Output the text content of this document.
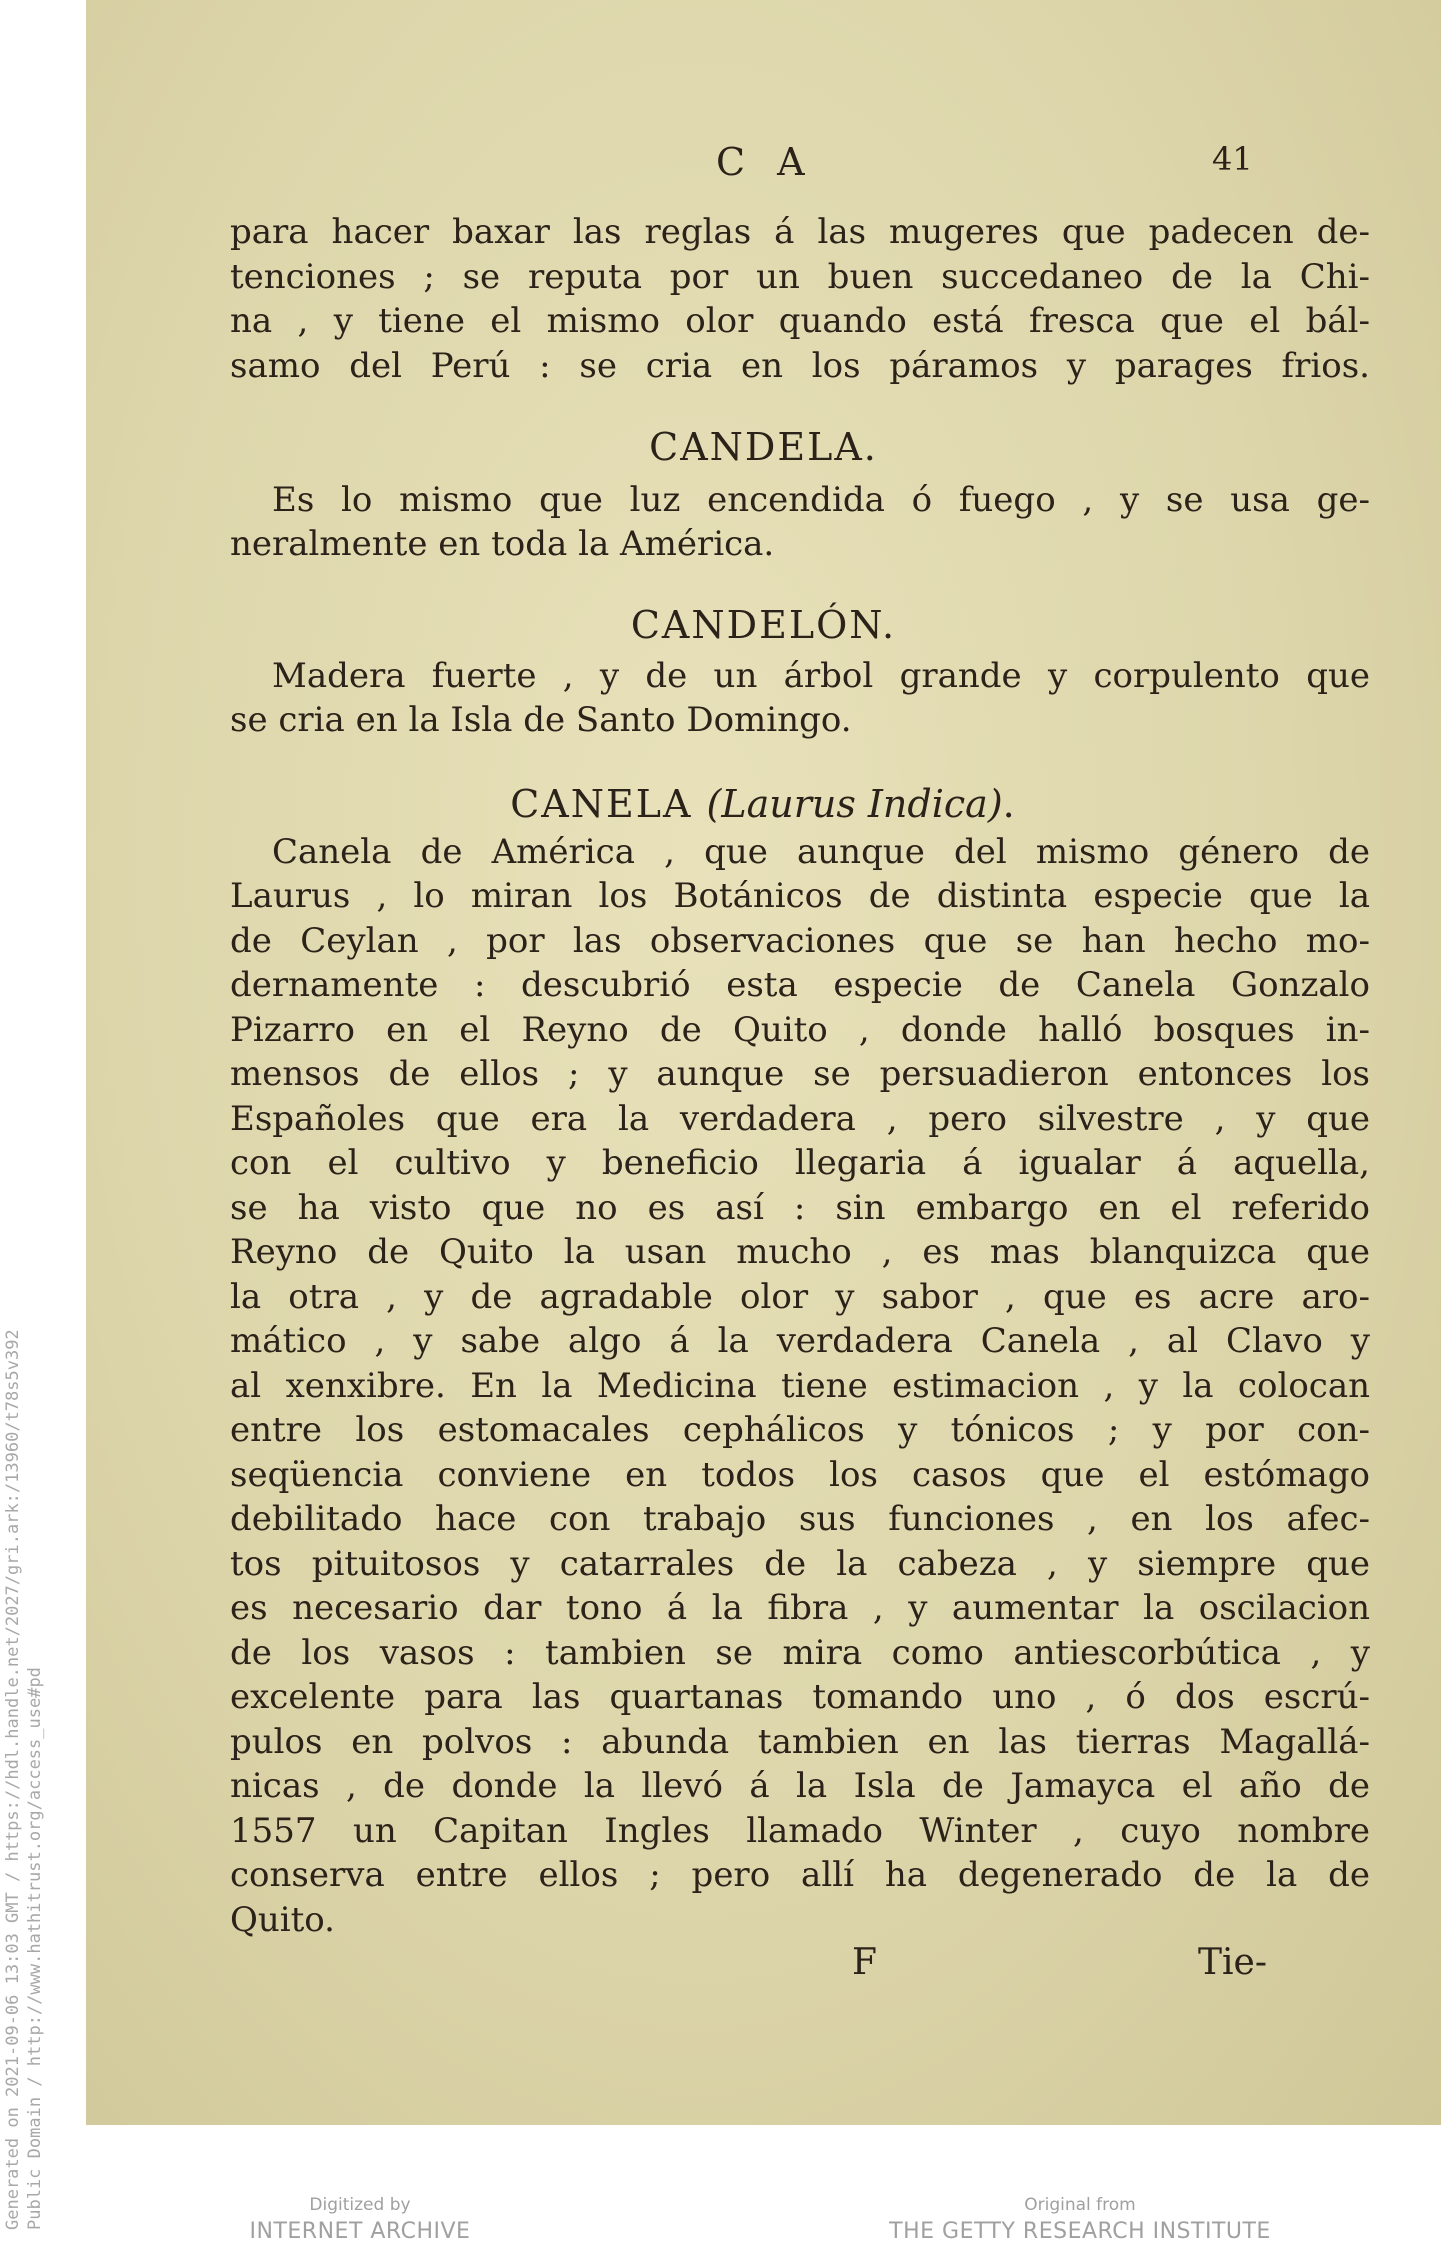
Generated on 2021-09-06 13:03 GMT / https://hdl.handle.net/2027/gri.ark:/13960/t78s5v392 Public Domain / http://www.hathitrust.org/access_use#pd
C A	41
para hacer baxar las reglas á las mugeres que padecen de-
tenciones ; se reputa por un buen succedaneo de la Chi-
na , y tiene el mismo olor quando está fresca que el bál-
samo del Perú : se cria en los páramos y parages frios.
CANDELA.
Es lo mismo que luz encendida ó fuego , y se usa ge-
neralmente en toda la América.
CANDELÓN.
Madera fuerte , y de un árbol grande y corpulento que
se cria en la Isla de Santo Domingo.
CANELA (Laurus Indica).
Canela de América , que aunque del mismo género de
Laurus , lo miran los Botánicos de distinta especie que la
de Ceylan , por las observaciones que se han hecho mo-
dernamente : descubrió esta especie de Canela Gonzalo
Pizarro en el Reyno de Quito , donde halló bosques in-
mensos de ellos ; y aunque se persuadieron entonces los
Españoles que era la verdadera , pero silvestre , y que
con el cultivo y beneficio llegaria á igualar á aquella,
se ha visto que no es así : sin embargo en el referido
Reyno de Quito la usan mucho , es mas blanquizca que
la otra , y de agradable olor y sabor , que es acre aro-
mático , y sabe algo á la verdadera Canela , al Clavo y
al xenxibre. En la Medicina tiene estimacion , y la colocan
entre los estomacales cephálicos y tónicos ; y por con-
seqüencia conviene en todos los casos que el estómago
debilitado hace con trabajo sus funciones , en los afec-
tos pituitosos y catarrales de la cabeza , y siempre que
es necesario dar tono á la fibra , y aumentar la oscilacion
de los vasos : tambien se mira como antiescorbútica , y
excelente para las quartanas tomando uno , ó dos escrú-
pulos en polvos : abunda tambien en las tierras Magallá-
nicas , de donde la llevó á la Isla de Jamayca el año de
1557 un Capitan Ingles llamado Winter , cuyo nombre
conserva entre ellos ; pero allí ha degenerado de la de
Quito.
F	Tie-
Digitized by
INTERNET ARCHIVE
Original from
THE GETTY RESEARCH INSTITUTE
